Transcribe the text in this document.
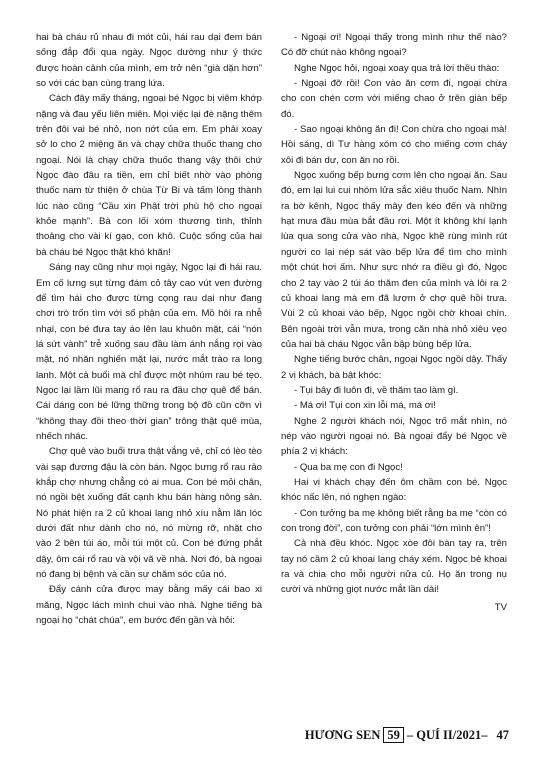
hai bà cháu rủ nhau đi mót củi, hái rau dại đem bán sống đắp đổi qua ngày. Ngọc dường như ý thức được hoàn cảnh của mình, em trở nên “già dặn hơn” so với các bạn cùng trang lứa.

Cách đây mấy tháng, ngoại bé Ngọc bị viêm khớp nặng và đau yếu liên miên. Mọi việc lại đè nặng thêm trên đôi vai bé nhỏ, non nớt của em. Em phải xoay sở lo cho 2 miệng ăn và chạy chữa thuốc thang cho ngoại. Nói là chạy chữa thuốc thang vậy thôi chứ Ngọc đào đâu ra tiền, em chỉ biết nhờ vào phòng thuốc nam từ thiện ở chùa Từ Bi và tấm lòng thành lúc nào cũng “Cầu xin Phật trời phù hộ cho ngoại khỏe mạnh”. Bà con lối xóm thương tình, thỉnh thoảng cho vài kí gạo, con khô. Cuộc sống của hai bà cháu bé Ngọc thật khó khăn!

Sáng nay cũng như mọi ngày, Ngọc lại đi hái rau. Em cố lưng sụt từng đám cỏ tây cao vút ven đường để tìm hái cho được từng cọng rau dại như đang chơi trò trốn tìm với số phận của em. Mồ hôi ra nhễ nhại, con bé đưa tay áo lên lau khuôn mặt, cái “nón lá sứt vành” trễ xuống sau đầu làm ánh nắng rọi vào mặt, nó nhăn nghiến mặt lại, nước mắt trào ra long lanh. Một cả buổi mà chỉ được một nhúm rau bé tẹo. Ngọc lại lầm lũi mang rổ rau ra đầu chợ quê để bán. Cái dáng con bé lững thững trong bộ đồ cũn cỡn vì “không thay đồi theo thời gian” trông thật quê mùa, nhếch nhác.

Chợ quê vào buổi trưa thật vắng vẻ, chỉ có lèo tèo vài sạp đương đậu là còn bán. Ngọc bưng rổ rau rảo khắp chợ nhưng chẳng có ai mua. Con bé mỏi chân, nó ngồi bệt xuống đất cạnh khu bán hàng nông sản. Nó phát hiện ra 2 củ khoai lang nhỏ xíu nằm lăn lóc dưới đất như dành cho nó, nó mừng rỡ, nhặt cho vào 2 bên túi áo, mỗi túi một củ. Con bé đứng phắt dậy, ôm cái rổ rau và vội vã về nhà. Nơi đó, bà ngoại nó đang bị bệnh và cần sự chăm sóc của nó.

Đẩy cánh cửa được may bằng mấy cái bao xi măng, Ngọc lách mình chui vào nhà. Nghe tiếng bà ngoại họ “chát chúa”, em bước đến gần và hỏi:

- Ngoại ơi! Ngoại thấy trong mình như thế nào? Có đỡ chút nào không ngoại?

Nghe Ngọc hỏi, ngoại xoay qua trả lời thều thào:

- Ngoại đỡ rồi! Con vào ăn cơm đi, ngoại chừa cho con chén cơm với miếng chao ở trên giàn bếp đó.

- Sao ngoại không ăn đi! Con chừa cho ngoại mà! Hồi sáng, dì Tư hàng xóm có cho miếng cơm cháy xôi đi bán dư, con ăn no rồi.

Ngọc xuống bếp bưng cơm lên cho ngoại ăn. Sau đó, em lại lui cui nhóm lửa sắc xiêu thuốc Nam. Nhìn ra bờ kênh, Ngọc thấy mây đen kéo đến và những hạt mưa đầu mùa bắt đầu rơi. Một ít không khí lạnh lùa qua song cửa vào nhà, Ngọc khẽ rùng mình rút người co lại nép sát vào bếp lửa để tìm cho mình một chút hơi ấm. Như sực nhớ ra điều gì đó, Ngọc cho 2 tay vào 2 túi áo thăm đen của mình và lôi ra 2 củ khoai lang mà em đã lượm ở chợ quê hồi trưa. Vùi 2 củ khoai vào bếp, Ngọc ngồi chờ khoai chín. Bên ngoài trời vẫn mưa, trong căn nhà nhỏ xiêu vẹo của hai bà cháu Ngọc vẫn bập bùng bếp lửa.

Nghe tiếng bước chân, ngoại Ngọc ngồi dậy. Thấy 2 vị khách, bà bật khóc:

- Tụi bây đi luôn đi, về thăm tao làm gì.

- Má ơi! Tụi con xin lỗi má, má ơi!

Nghe 2 người khách nói, Ngọc trố mắt nhìn, nó nép vào người ngoại nó. Bà ngoại đẩy bé Ngọc về phía 2 vị khách:

- Qua ba mẹ con đi Ngọc!

Hai vị khách chạy đến ôm chầm con bé. Ngọc khóc nấc lên, nó nghẹn ngào:

- Con tưởng ba mẹ không biết rằng ba mẹ “còn có con trong đời”, con tưởng con phải “lớn mình ên”!

Cả nhà đều khóc. Ngọc xòe đôi bàn tay ra, trên tay nó cầm 2 củ khoai lang cháy xém. Ngọc bẻ khoai ra và chia cho mỗi người nửa củ. Họ ăn trong nụ cười và những giọt nước mắt lần dài!

TV

HƯƠNG SEN 59 – QUÍ II/2021– 47
